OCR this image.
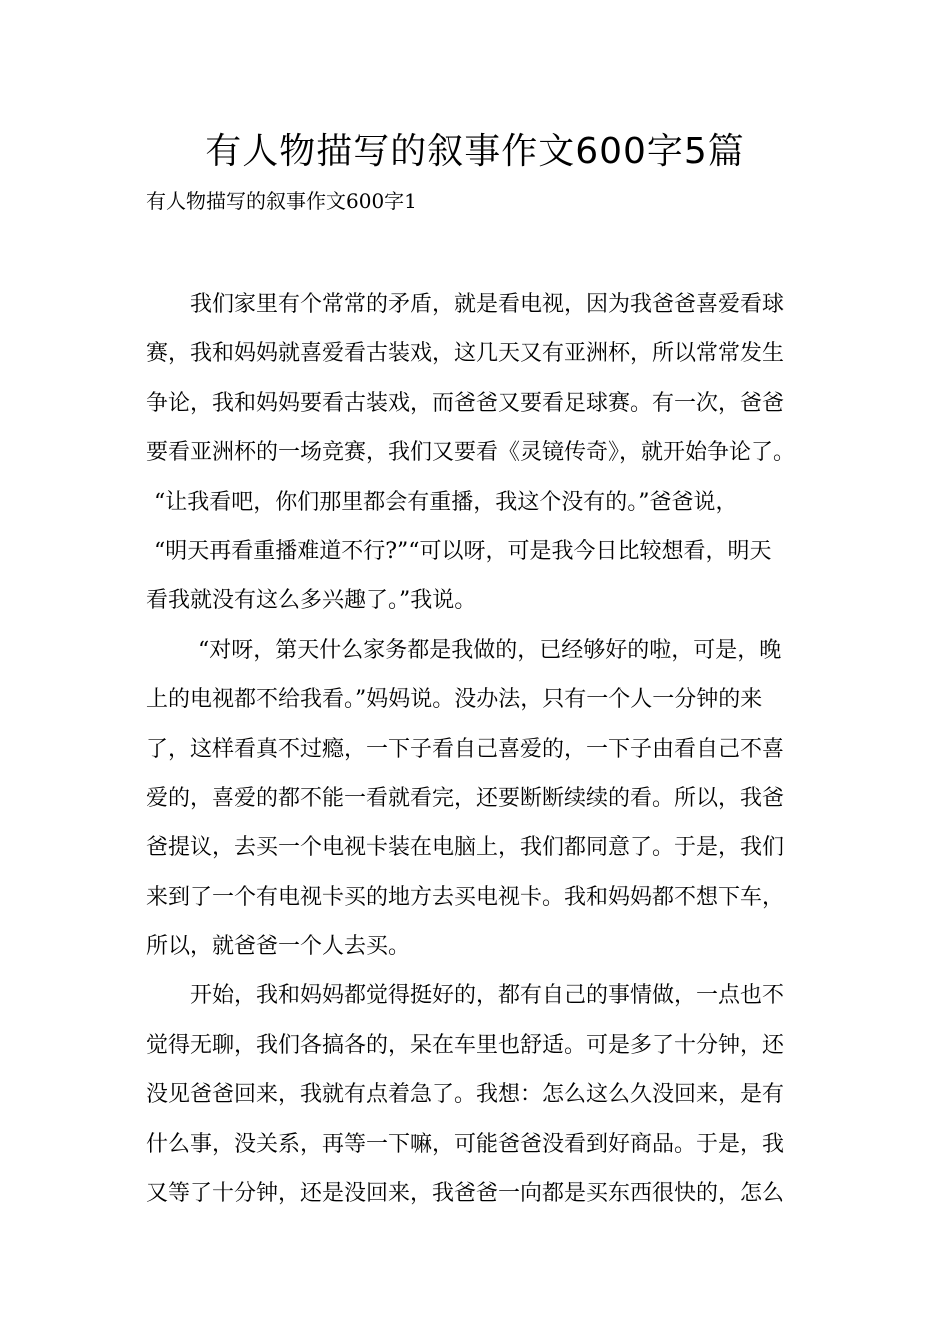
有人物描写的叙事作文600字5篇
有人物描写的叙事作文600字1
我们家里有个常常的矛盾，就是看电视，因为我爸爸喜爱看球
赛，我和妈妈就喜爱看古装戏，这几天又有亚洲杯，所以常常发生
争论，我和妈妈要看古装戏，而爸爸又要看足球赛。有一次，爸爸
要看亚洲杯的一场竞赛，我们又要看《灵镜传奇》，就开始争论了。
“让我看吧，你们那里都会有重播，我这个没有的。”爸爸说，
“明天再看重播难道不行?”“可以呀，可是我今日比较想看，明天
看我就没有这么多兴趣了。”我说。
“对呀，第天什么家务都是我做的，已经够好的啦，可是，晚
上的电视都不给我看。”妈妈说。没办法，只有一个人一分钟的来
了，这样看真不过瘾，一下子看自己喜爱的，一下子由看自己不喜
爱的，喜爱的都不能一看就看完，还要断断续续的看。所以，我爸
爸提议，去买一个电视卡装在电脑上，我们都同意了。于是，我们
来到了一个有电视卡买的地方去买电视卡。我和妈妈都不想下车，
所以，就爸爸一个人去买。
开始，我和妈妈都觉得挺好的，都有自己的事情做，一点也不
觉得无聊，我们各搞各的，呆在车里也舒适。可是多了十分钟，还
没见爸爸回来，我就有点着急了。我想：怎么这么久没回来，是有
什么事，没关系，再等一下嘛，可能爸爸没看到好商品。于是，我
又等了十分钟，还是没回来，我爸爸一向都是买东西很快的，怎么
